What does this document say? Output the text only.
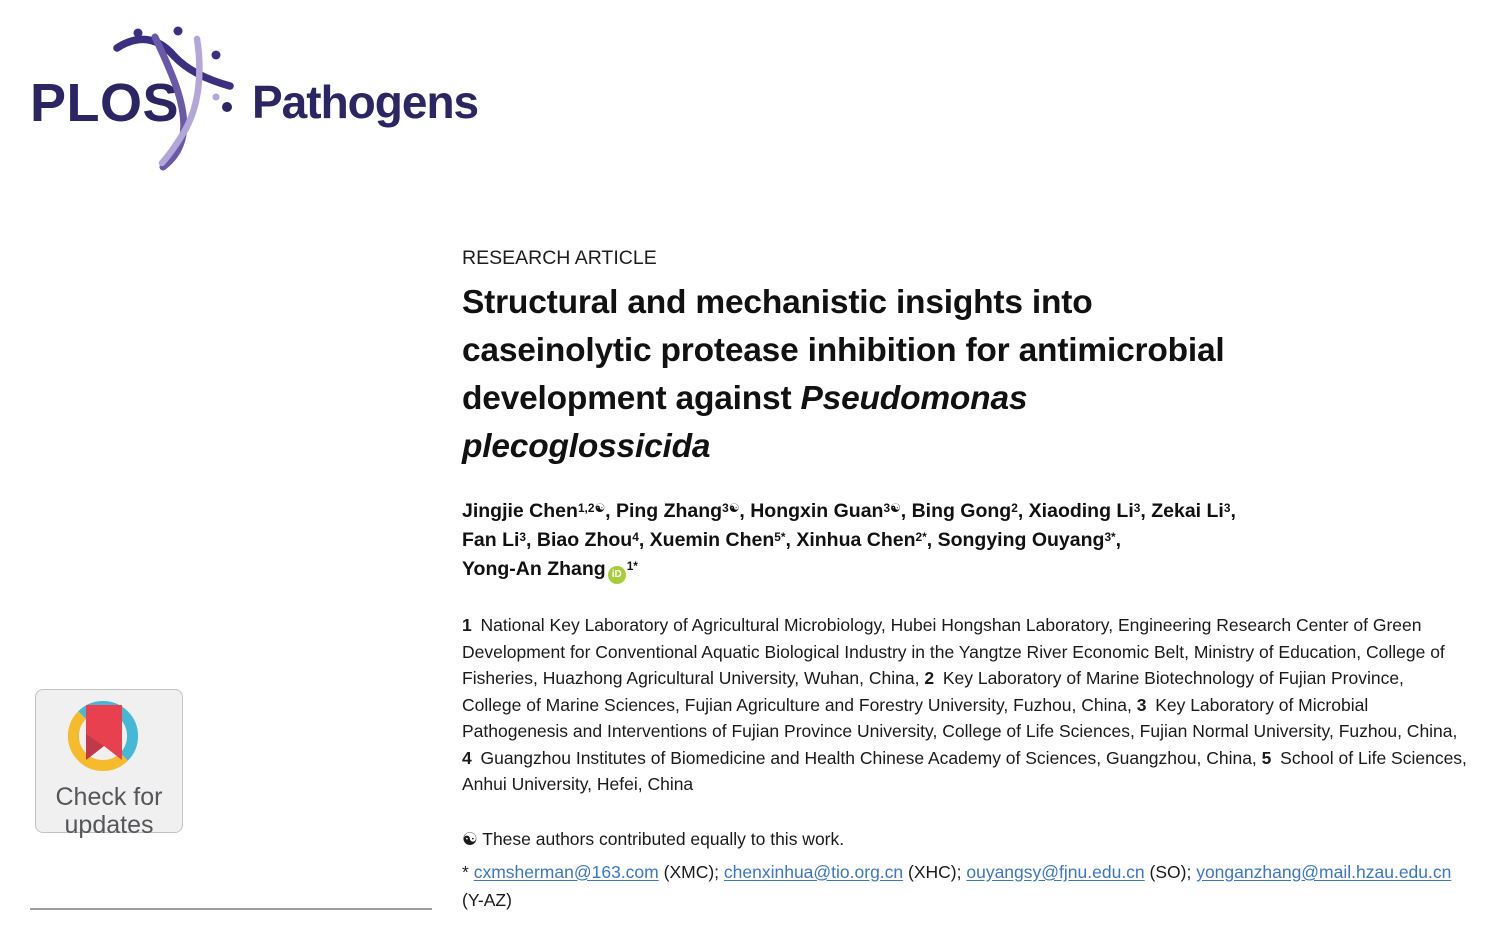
PLOS Pathogens
Check for
updates

RESEARCH ARTICLE

Structural and mechanistic insights into
caseinolytic protease inhibition for antimicrobial
development against Pseudomonas
plecoglossicida

Jingjie Chen$^{1,2☯}$, Ping Zhang$^{3☯}$, Hongxin Guan$^{3☯}$, Bing Gong$^2$, Xiaoding Li$^3$, Zekai Li$^3$,
Fan Li$^3$, Biao Zhou$^4$, Xuemin Chen$^{5*}$, Xinhua Chen$^{2*}$, Songying Ouyang$^{3*}$,
Yong-An Zhang $iD^{1*}$

1 National Key Laboratory of Agricultural Microbiology, Hubei Hongshan Laboratory, Engineering Research Center of Green Development for Conventional Aquatic Biological Industry in the Yangtze River Economic Belt, Ministry of Education, College of Fisheries, Huazhong Agricultural University, Wuhan, China, 2 Key Laboratory of Marine Biotechnology of Fujian Province, College of Marine Sciences, Fujian Agriculture and Forestry University, Fuzhou, China, 3 Key Laboratory of Microbial Pathogenesis and Interventions of Fujian Province University, College of Life Sciences, Fujian Normal University, Fuzhou, China, 4 Guangzhou Institutes of Biomedicine and Health Chinese Academy of Sciences, Guangzhou, China, 5 School of Life Sciences, Anhui University, Hefei, China

☯ These authors contributed equally to this work.

* cxmsherman@163.com (XMC); chenxinhua@tio.org.cn (XHC); ouyangsy@fjnu.edu.cn (SO); yonganzhang@mail.hzau.edu.cn (Y-AZ)
